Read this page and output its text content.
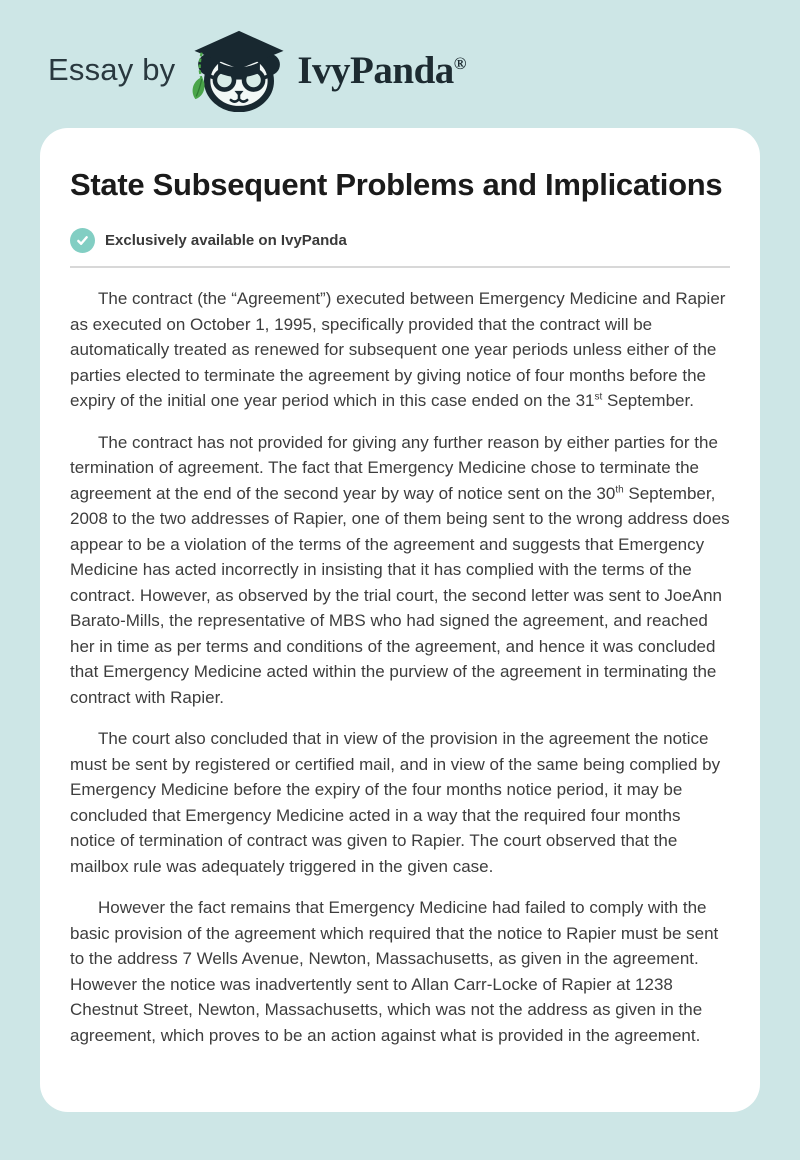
Essay by	IvyPanda®
State Subsequent Problems and Implications
Exclusively available on IvyPanda

The contract (the “Agreement”) executed between Emergency Medicine and Rapier as executed on October 1, 1995, specifically provided that the contract will be automatically treated as renewed for subsequent one year periods unless either of the parties elected to terminate the agreement by giving notice of four months before the expiry of the initial one year period which in this case ended on the 31st September.

The contract has not provided for giving any further reason by either parties for the termination of agreement. The fact that Emergency Medicine chose to terminate the agreement at the end of the second year by way of notice sent on the 30th September, 2008 to the two addresses of Rapier, one of them being sent to the wrong address does appear to be a violation of the terms of the agreement and suggests that Emergency Medicine has acted incorrectly in insisting that it has complied with the terms of the contract. However, as observed by the trial court, the second letter was sent to JoeAnn Barato-Mills, the representative of MBS who had signed the agreement, and reached her in time as per terms and conditions of the agreement, and hence it was concluded that Emergency Medicine acted within the purview of the agreement in terminating the contract with Rapier.

The court also concluded that in view of the provision in the agreement the notice must be sent by registered or certified mail, and in view of the same being complied by Emergency Medicine before the expiry of the four months notice period, it may be concluded that Emergency Medicine acted in a way that the required four months notice of termination of contract was given to Rapier. The court observed that the mailbox rule was adequately triggered in the given case.

However the fact remains that Emergency Medicine had failed to comply with the basic provision of the agreement which required that the notice to Rapier must be sent to the address 7 Wells Avenue, Newton, Massachusetts, as given in the agreement. However the notice was inadvertently sent to Allan Carr-Locke of Rapier at 1238 Chestnut Street, Newton, Massachusetts, which was not the address as given in the agreement, which proves to be an action against what is provided in the agreement.
